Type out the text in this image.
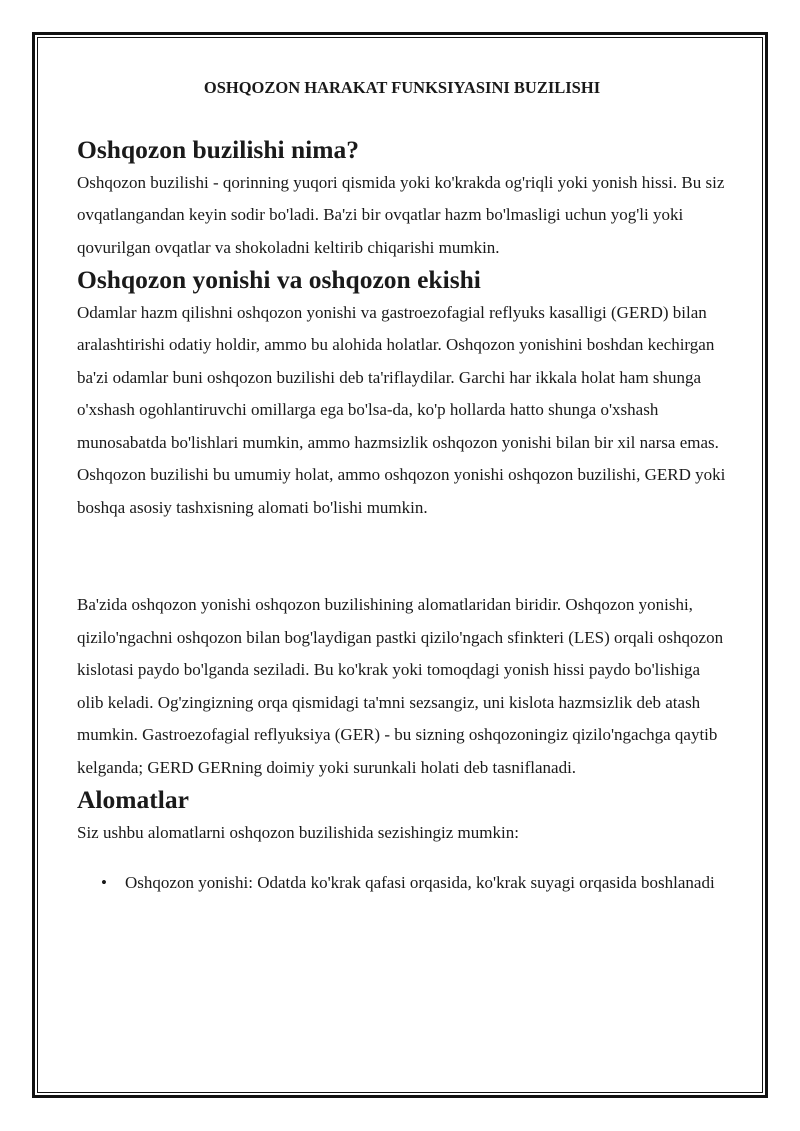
OSHQOZON HARAKAT FUNKSIYASINI BUZILISHI
Oshqozon buzilishi nima?

Oshqozon buzilishi - qorinning yuqori qismida yoki ko'krakda og'riqli yoki yonish hissi. Bu siz ovqatlangandan keyin sodir bo'ladi. Ba'zi bir ovqatlar hazm bo'lmasligi uchun yog'li yoki qovurilgan ovqatlar va shokoladni keltirib chiqarishi mumkin.

Oshqozon yonishi va oshqozon ekishi

Odamlar hazm qilishni oshqozon yonishi va gastroezofagial reflyuks kasalligi (GERD) bilan aralashtirishi odatiy holdir, ammo bu alohida holatlar. Oshqozon yonishini boshdan kechirgan ba'zi odamlar buni oshqozon buzilishi deb ta'riflaydilar. Garchi har ikkala holat ham shunga o'xshash ogohlantiruvchi omillarga ega bo'lsa-da, ko'p hollarda hatto shunga o'xshash munosabatda bo'lishlari mumkin, ammo hazmsizlik oshqozon yonishi bilan bir xil narsa emas. Oshqozon buzilishi bu umumiy holat, ammo oshqozon yonishi oshqozon buzilishi, GERD yoki boshqa asosiy tashxisning alomati bo'lishi mumkin.

Ba'zida oshqozon yonishi oshqozon buzilishining alomatlaridan biridir. Oshqozon yonishi, qizilo'ngachni oshqozon bilan bog'laydigan pastki qizilo'ngach sfinkteri (LES) orqali oshqozon kislotasi paydo bo'lganda seziladi. Bu ko'krak yoki tomoqdagi yonish hissi paydo bo'lishiga olib keladi. Og'zingizning orqa qismidagi ta'mni sezsangiz, uni kislota hazmsizlik deb atash mumkin. Gastroezofagial reflyuksiya (GER) - bu sizning oshqozoningiz qizilo'ngachga qaytib kelganda; GERD GERning doimiy yoki surunkali holati deb tasniflanadi.

Alomatlar

Siz ushbu alomatlarni oshqozon buzilishida sezishingiz mumkin:

• Oshqozon yonishi: Odatda ko'krak qafasi orqasida, ko'krak suyagi orqasida boshlanadi
